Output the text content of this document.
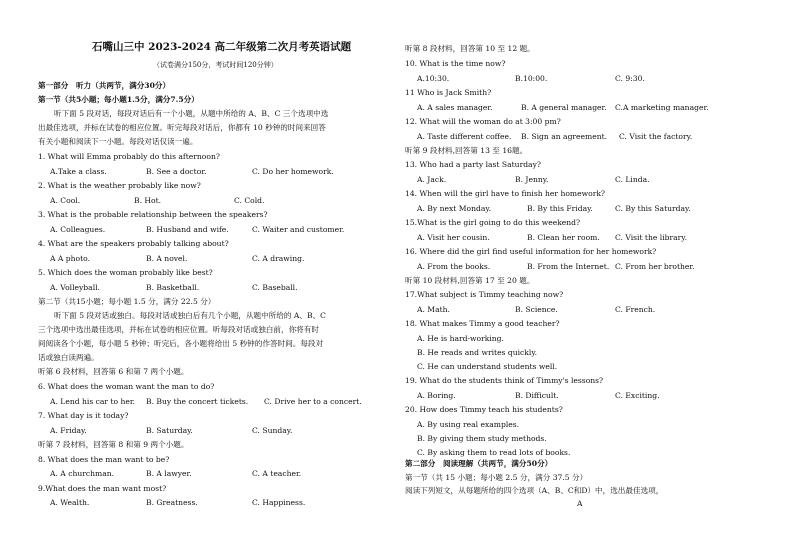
石嘴山三中 2023-2024 高二年级第二次月考英语试题
（试卷满分150分，考试时间120分钟）
第一部分　听力（共两节，满分30分）
第一节（共5小题；每小题1.5分，满分7.5分）
听下面 5 段对话，每段对话后有一个小题，从题中所给的 A、B、C 三个选项中选
出最佳选项，并标在试卷的相应位置。听完每段对话后，你都有 10 秒钟的时间来回答
有关小题和阅读下一小题。每段对话仅读一遍。
1. What will Emma probably do this afternoon?
A.Take a class.	B. See a doctor.	C. Do her homework.
2. What is the weather probably like now?
A. Cool.	B. Hot.	C. Cold.
3. What is the probable relationship between the speakers?
A. Colleagues.	B. Husband and wife.	C. Waiter and customer.
4. What are the speakers probably talking about?
A A photo.	B. A novel.	C. A drawing.
5. Which does the woman probably like best?
A. Volleyball.	B. Basketball.	C. Baseball.
第二节（共15小题；每小题 1.5 分，满分 22.5 分）
听下面 5 段对话或独白。每段对话或独白后有几个小题，从题中所给的 A、B、C
三个选项中选出最佳选项，并标在试卷的相应位置。听每段对话或独白前，你将有时
间阅读各个小题，每小题 5 秒钟；听完后，各小题将给出 5 秒钟的作答时间。每段对
话或独白读两遍。
听第 6 段材料，回答第 6 和第 7 两个小题。
6. What does the woman want the man to do?
A. Lend his car to her. B. Buy the concert tickets. C. Drive her to a concert.
7. What day is it today?
A. Friday.	B. Saturday.	C. Sunday.
听第 7 段材料，回答第 8 和第 9 两个小题。
8. What does the man want to be?
A. A churchman.	B. A lawyer.	C. A teacher.
9.What does the man want most?
A. Wealth.	B. Greatness.	C. Happiness.
听第 8 段材料，回答第 10 至 12 题。
10. What is the time now?
A.10:30.	B.10:00.	C. 9:30.
11 Who is Jack Smith?
A. A sales manager.	B. A general manager. C.A marketing manager.
12. What will the woman do at 3:00 pm?
A. Taste different coffee. B. Sign an agreement. C. Visit the factory.
听第 9 段材料,回答第 13 至 16题。
13. Who had a party last Saturday?
A. Jack.	B. Jenny.	C. Linda.
14. When will the girl have to finish her homework?
A. By next Monday.	B. By this Friday.	C. By this Saturday.
15.What is the girl going to do this weekend?
A. Visit her cousin.	B. Clean her room. C. Visit the library.
16. Where did the girl find useful information for her homework?
A. From the books.	B. From the Internet. C. From her brother.
听第 10 段材料,回答第 17 至 20 题。
17.What subject is Timmy teaching now?
A. Math.	B. Science.	C. French.
18. What makes Timmy a good teacher?
A. He is hard-working.
B. He reads and writes quickly.
C. He can understand students well.
19. What do the students think of Timmy's lessons?
A. Boring.	B. Difficult.	C. Exciting.
20. How does Timmy teach his students?
A. By using real examples.
B. By giving them study methods.
C. By asking them to read lots of books.
第二部分　阅读理解（共两节，满分50分）
第一节（共 15 小题；每小题 2.5 分，满分 37.5 分）
阅读下列短文，从每题所给的四个选项（A、B、C和D）中，选出最佳选项，
A
